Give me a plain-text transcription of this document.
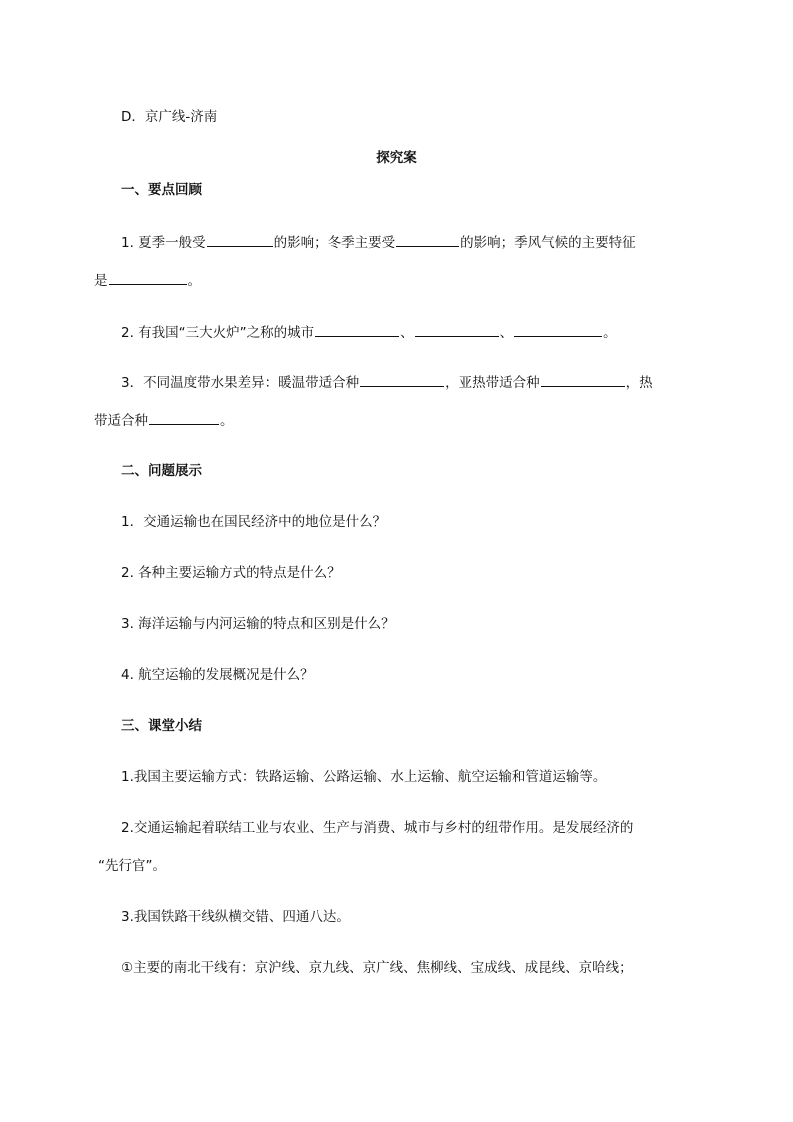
D．京广线-济南
探究案
一、要点回顾
1. 夏季一般受	的影响；冬季主要受	的影响；季风气候的主要特征
是	。
2. 有我国“三大火炉”之称的城市	、	、	。
3．不同温度带水果差异：暖温带适合种	，亚热带适合种	，热
带适合种	。
二、问题展示
1．交通运输也在国民经济中的地位是什么？
2. 各种主要运输方式的特点是什么？
3. 海洋运输与内河运输的特点和区别是什么？
4. 航空运输的发展概况是什么？
三、课堂小结
1.我国主要运输方式：铁路运输、公路运输、水上运输、航空运输和管道运输等。
2.交通运输起着联结工业与农业、生产与消费、城市与乡村的纽带作用。是发展经济的
“先行官”。
3.我国铁路干线纵横交错、四通八达。
①主要的南北干线有：京沪线、京九线、京广线、焦柳线、宝成线、成昆线、京哈线；
